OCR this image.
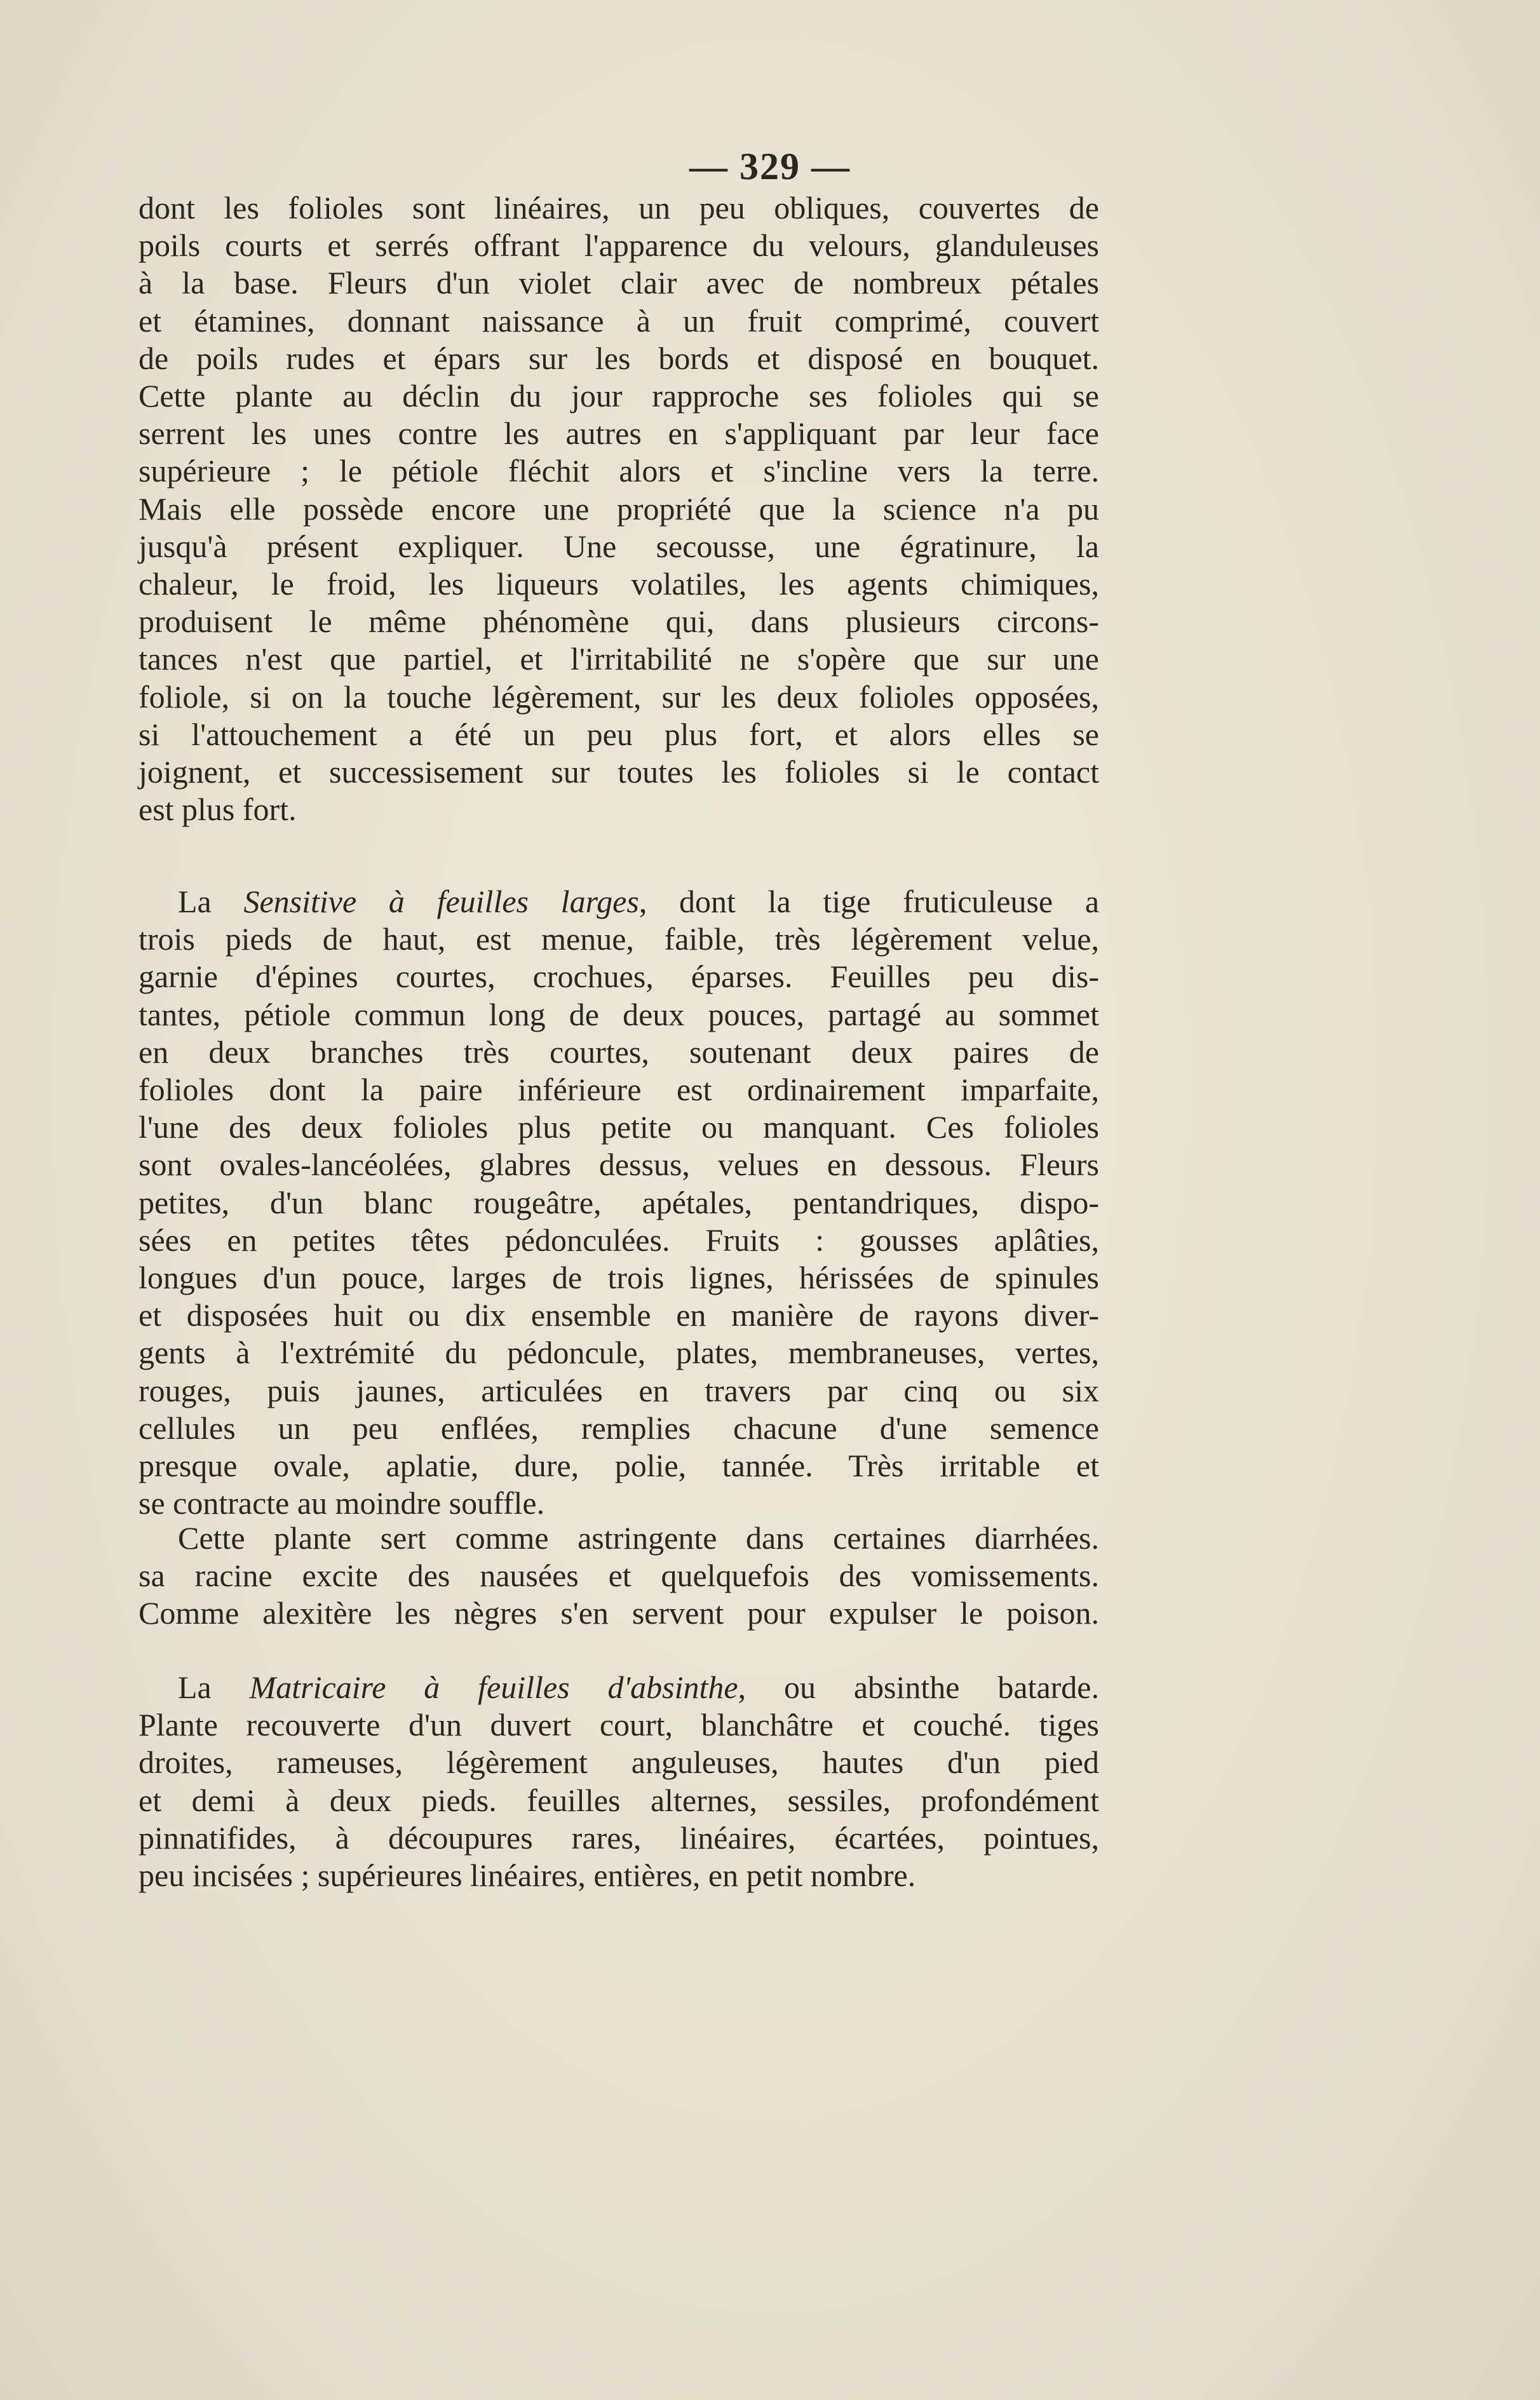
— 329 —
dont les folioles sont linéaires, un peu obliques, couvertes de
poils courts et serrés offrant l'apparence du velours, glanduleuses
à la base. Fleurs d'un violet clair avec de nombreux pétales
et étamines, donnant naissance à un fruit comprimé, couvert
de poils rudes et épars sur les bords et disposé en bouquet.
Cette plante au déclin du jour rapproche ses folioles qui se
serrent les unes contre les autres en s'appliquant par leur face
supérieure ; le pétiole fléchit alors et s'incline vers la terre.
Mais elle possède encore une propriété que la science n'a pu
jusqu'à présent expliquer. Une secousse, une égratinure, la
chaleur, le froid, les liqueurs volatiles, les agents chimiques,
produisent le même phénomène qui, dans plusieurs circons-
tances n'est que partiel, et l'irritabilité ne s'opère que sur une
foliole, si on la touche légèrement, sur les deux folioles opposées,
si l'attouchement a été un peu plus fort, et alors elles se
joignent, et successisement sur toutes les folioles si le contact
est plus fort.
La Sensitive à feuilles larges, dont la tige fruticuleuse a
trois pieds de haut, est menue, faible, très légèrement velue,
garnie d'épines courtes, crochues, éparses. Feuilles peu dis-
tantes, pétiole commun long de deux pouces, partagé au sommet
en deux branches très courtes, soutenant deux paires de
folioles dont la paire inférieure est ordinairement imparfaite,
l'une des deux folioles plus petite ou manquant. Ces folioles
sont ovales-lancéolées, glabres dessus, velues en dessous. Fleurs
petites, d'un blanc rougeâtre, apétales, pentandriques, dispo-
sées en petites têtes pédonculées. Fruits : gousses aplâties,
longues d'un pouce, larges de trois lignes, hérissées de spinules
et disposées huit ou dix ensemble en manière de rayons diver-
gents à l'extrémité du pédoncule, plates, membraneuses, vertes,
rouges, puis jaunes, articulées en travers par cinq ou six
cellules un peu enflées, remplies chacune d'une semence
presque ovale, aplatie, dure, polie, tannée. Très irritable et
se contracte au moindre souffle.
Cette plante sert comme astringente dans certaines diarrhées.
sa racine excite des nausées et quelquefois des vomissements.
Comme alexitère les nègres s'en servent pour expulser le poison.
La Matricaire à feuilles d'absinthe, ou absinthe batarde.
Plante recouverte d'un duvert court, blanchâtre et couché. tiges
droites, rameuses, légèrement anguleuses, hautes d'un pied
et demi à deux pieds. feuilles alternes, sessiles, profondément
pinnatifides, à découpures rares, linéaires, écartées, pointues,
peu incisées ; supérieures linéaires, entières, en petit nombre.
